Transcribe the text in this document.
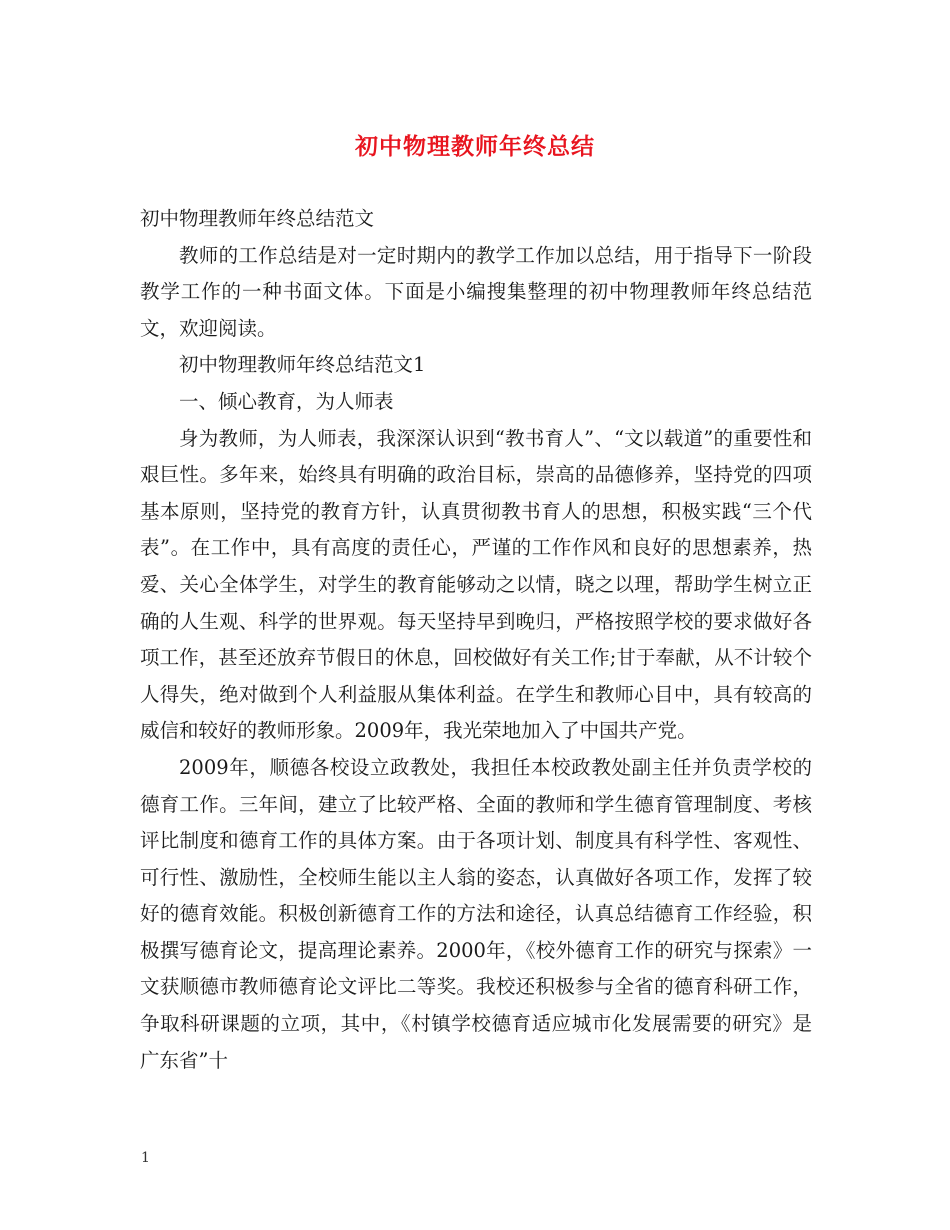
初中物理教师年终总结

初中物理教师年终总结范文

教师的工作总结是对一定时期内的教学工作加以总结，用于指导下一阶段教学工作的一种书面文体。下面是小编搜集整理的初中物理教师年终总结范文，欢迎阅读。

初中物理教师年终总结范文1

一、倾心教育，为人师表

身为教师，为人师表，我深深认识到“教书育人”、“文以载道”的重要性和艰巨性。多年来，始终具有明确的政治目标，崇高的品德修养，坚持党的四项基本原则，坚持党的教育方针，认真贯彻教书育人的思想，积极实践“三个代表”。在工作中，具有高度的责任心，严谨的工作作风和良好的思想素养，热爱、关心全体学生，对学生的教育能够动之以情，晓之以理，帮助学生树立正确的人生观、科学的世界观。每天坚持早到晚归，严格按照学校的要求做好各项工作，甚至还放弃节假日的休息，回校做好有关工作;甘于奉献，从不计较个人得失，绝对做到个人利益服从集体利益。在学生和教师心目中，具有较高的威信和较好的教师形象。2009年，我光荣地加入了中国共产党。

2009年，顺德各校设立政教处，我担任本校政教处副主任并负责学校的德育工作。三年间，建立了比较严格、全面的教师和学生德育管理制度、考核评比制度和德育工作的具体方案。由于各项计划、制度具有科学性、客观性、可行性、激励性，全校师生能以主人翁的姿态，认真做好各项工作，发挥了较好的德育效能。积极创新德育工作的方法和途径，认真总结德育工作经验，积极撰写德育论文，提高理论素养。2000年，《校外德育工作的研究与探索》一文获顺德市教师德育论文评比二等奖。我校还积极参与全省的德育科研工作，争取科研课题的立项，其中，《村镇学校德育适应城市化发展需要的研究》是广东省”十

1
